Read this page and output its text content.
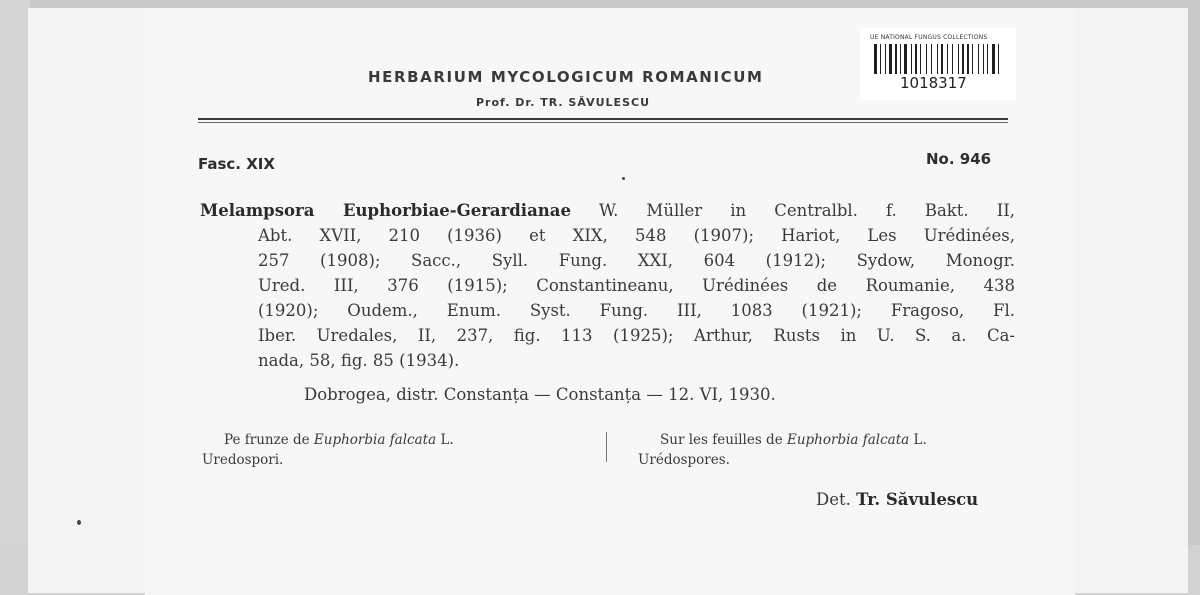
HERBARIUM MYCOLOGICUM ROMANICUM
Prof. Dr. TR. SĂVULESCU
UE NATIONAL FUNGUS COLLECTIONS
1018317
Fasc. XIX	No. 946
Melampsora Euphorbiae-Gerardianae W. Müller in Centralbl. f. Bakt. II,
Abt. XVII, 210 (1936) et XIX, 548 (1907); Hariot, Les Urédinées,
257 (1908); Sacc., Syll. Fung. XXI, 604 (1912); Sydow, Monogr.
Ured. III, 376 (1915); Constantineanu, Urédinées de Roumanie, 438
(1920); Oudem., Enum. Syst. Fung. III, 1083 (1921); Fragoso, Fl.
Iber. Uredales, II, 237, fig. 113 (1925); Arthur, Rusts in U. S. a. Ca-
nada, 58, fig. 85 (1934).
Dobrogea, distr. Constanța — Constanța — 12. VI, 1930.
Pe frunze de Euphorbia falcata L.
Uredospori.
Sur les feuilles de Euphorbia falcata L.
Urédospores.
Det. Tr. Săvulescu
